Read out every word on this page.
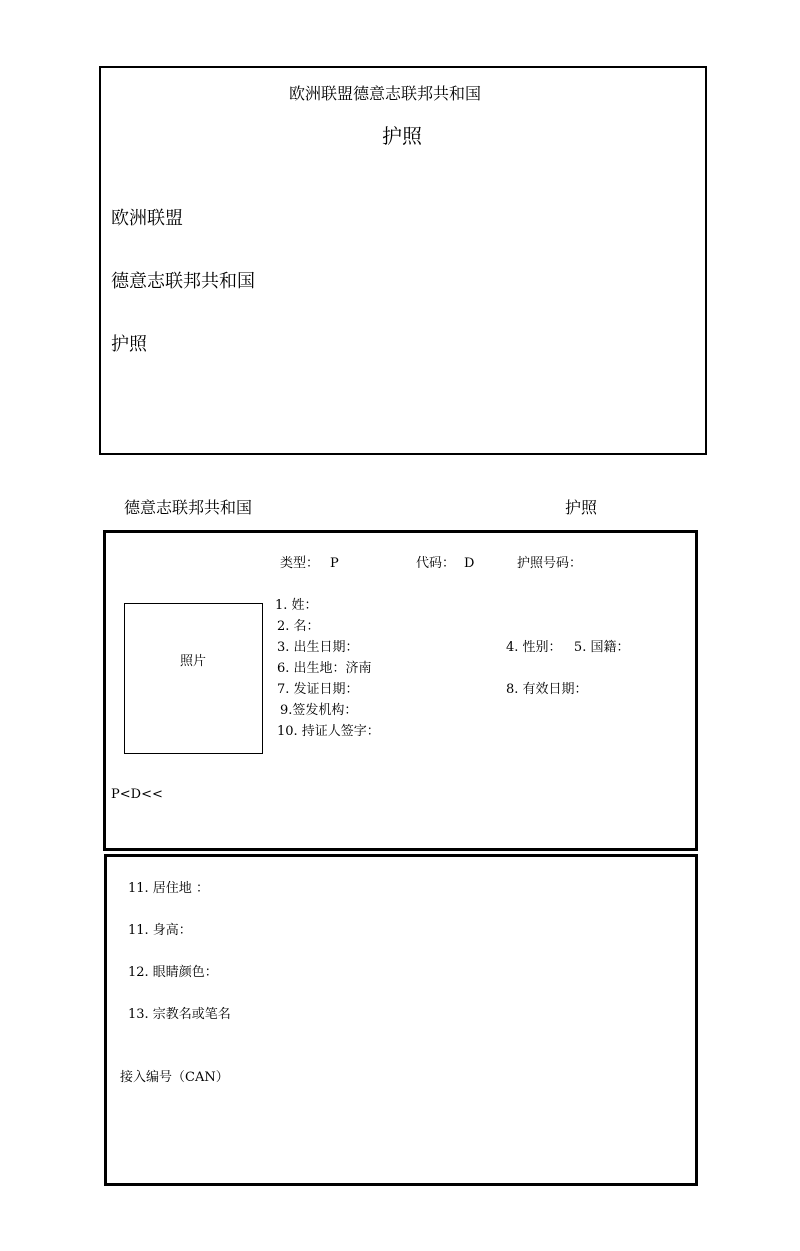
欧洲联盟德意志联邦共和国
护照
欧洲联盟
德意志联邦共和国
护照
德意志联邦共和国	护照
类型： P	代码： D	护照号码：
照片
1. 姓：
2. 名：
3. 出生日期：	4. 性别：   5. 国籍：
6. 出生地：济南
7. 发证日期：	8. 有效日期：
9.签发机构：
10. 持证人签字：
P<D<<
11. 居住地 ：
11. 身高：
12. 眼睛颜色：
13. 宗教名或笔名
接入编号（CAN）
